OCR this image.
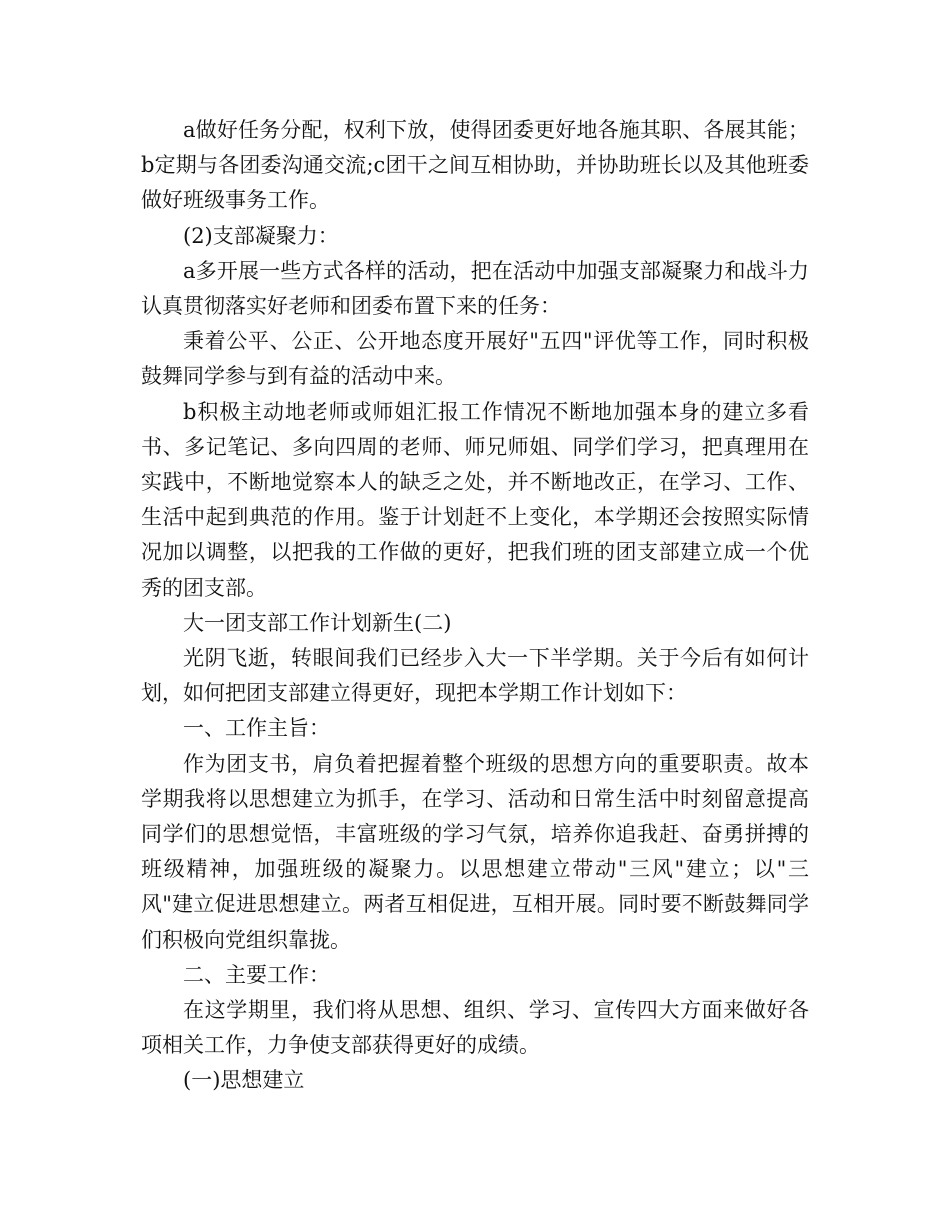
a做好任务分配，权利下放，使得团委更好地各施其职、各展其能；b定期与各团委沟通交流;c团干之间互相协助，并协助班长以及其他班委做好班级事务工作。

(2)支部凝聚力：

a多开展一些方式各样的活动，把在活动中加强支部凝聚力和战斗力认真贯彻落实好老师和团委布置下来的任务：

秉着公平、公正、公开地态度开展好"五四"评优等工作，同时积极鼓舞同学参与到有益的活动中来。

b积极主动地老师或师姐汇报工作情况不断地加强本身的建立多看书、多记笔记、多向四周的老师、师兄师姐、同学们学习，把真理用在实践中，不断地觉察本人的缺乏之处，并不断地改正，在学习、工作、生活中起到典范的作用。鉴于计划赶不上变化，本学期还会按照实际情况加以调整，以把我的工作做的更好，把我们班的团支部建立成一个优秀的团支部。

大一团支部工作计划新生(二)

光阴飞逝，转眼间我们已经步入大一下半学期。关于今后有如何计划，如何把团支部建立得更好，现把本学期工作计划如下：

一、工作主旨：

作为团支书，肩负着把握着整个班级的思想方向的重要职责。故本学期我将以思想建立为抓手，在学习、活动和日常生活中时刻留意提高同学们的思想觉悟，丰富班级的学习气氛，培养你追我赶、奋勇拼搏的班级精神，加强班级的凝聚力。以思想建立带动"三风"建立；以"三风"建立促进思想建立。两者互相促进，互相开展。同时要不断鼓舞同学们积极向党组织靠拢。

二、主要工作：

在这学期里，我们将从思想、组织、学习、宣传四大方面来做好各项相关工作，力争使支部获得更好的成绩。

(一)思想建立
